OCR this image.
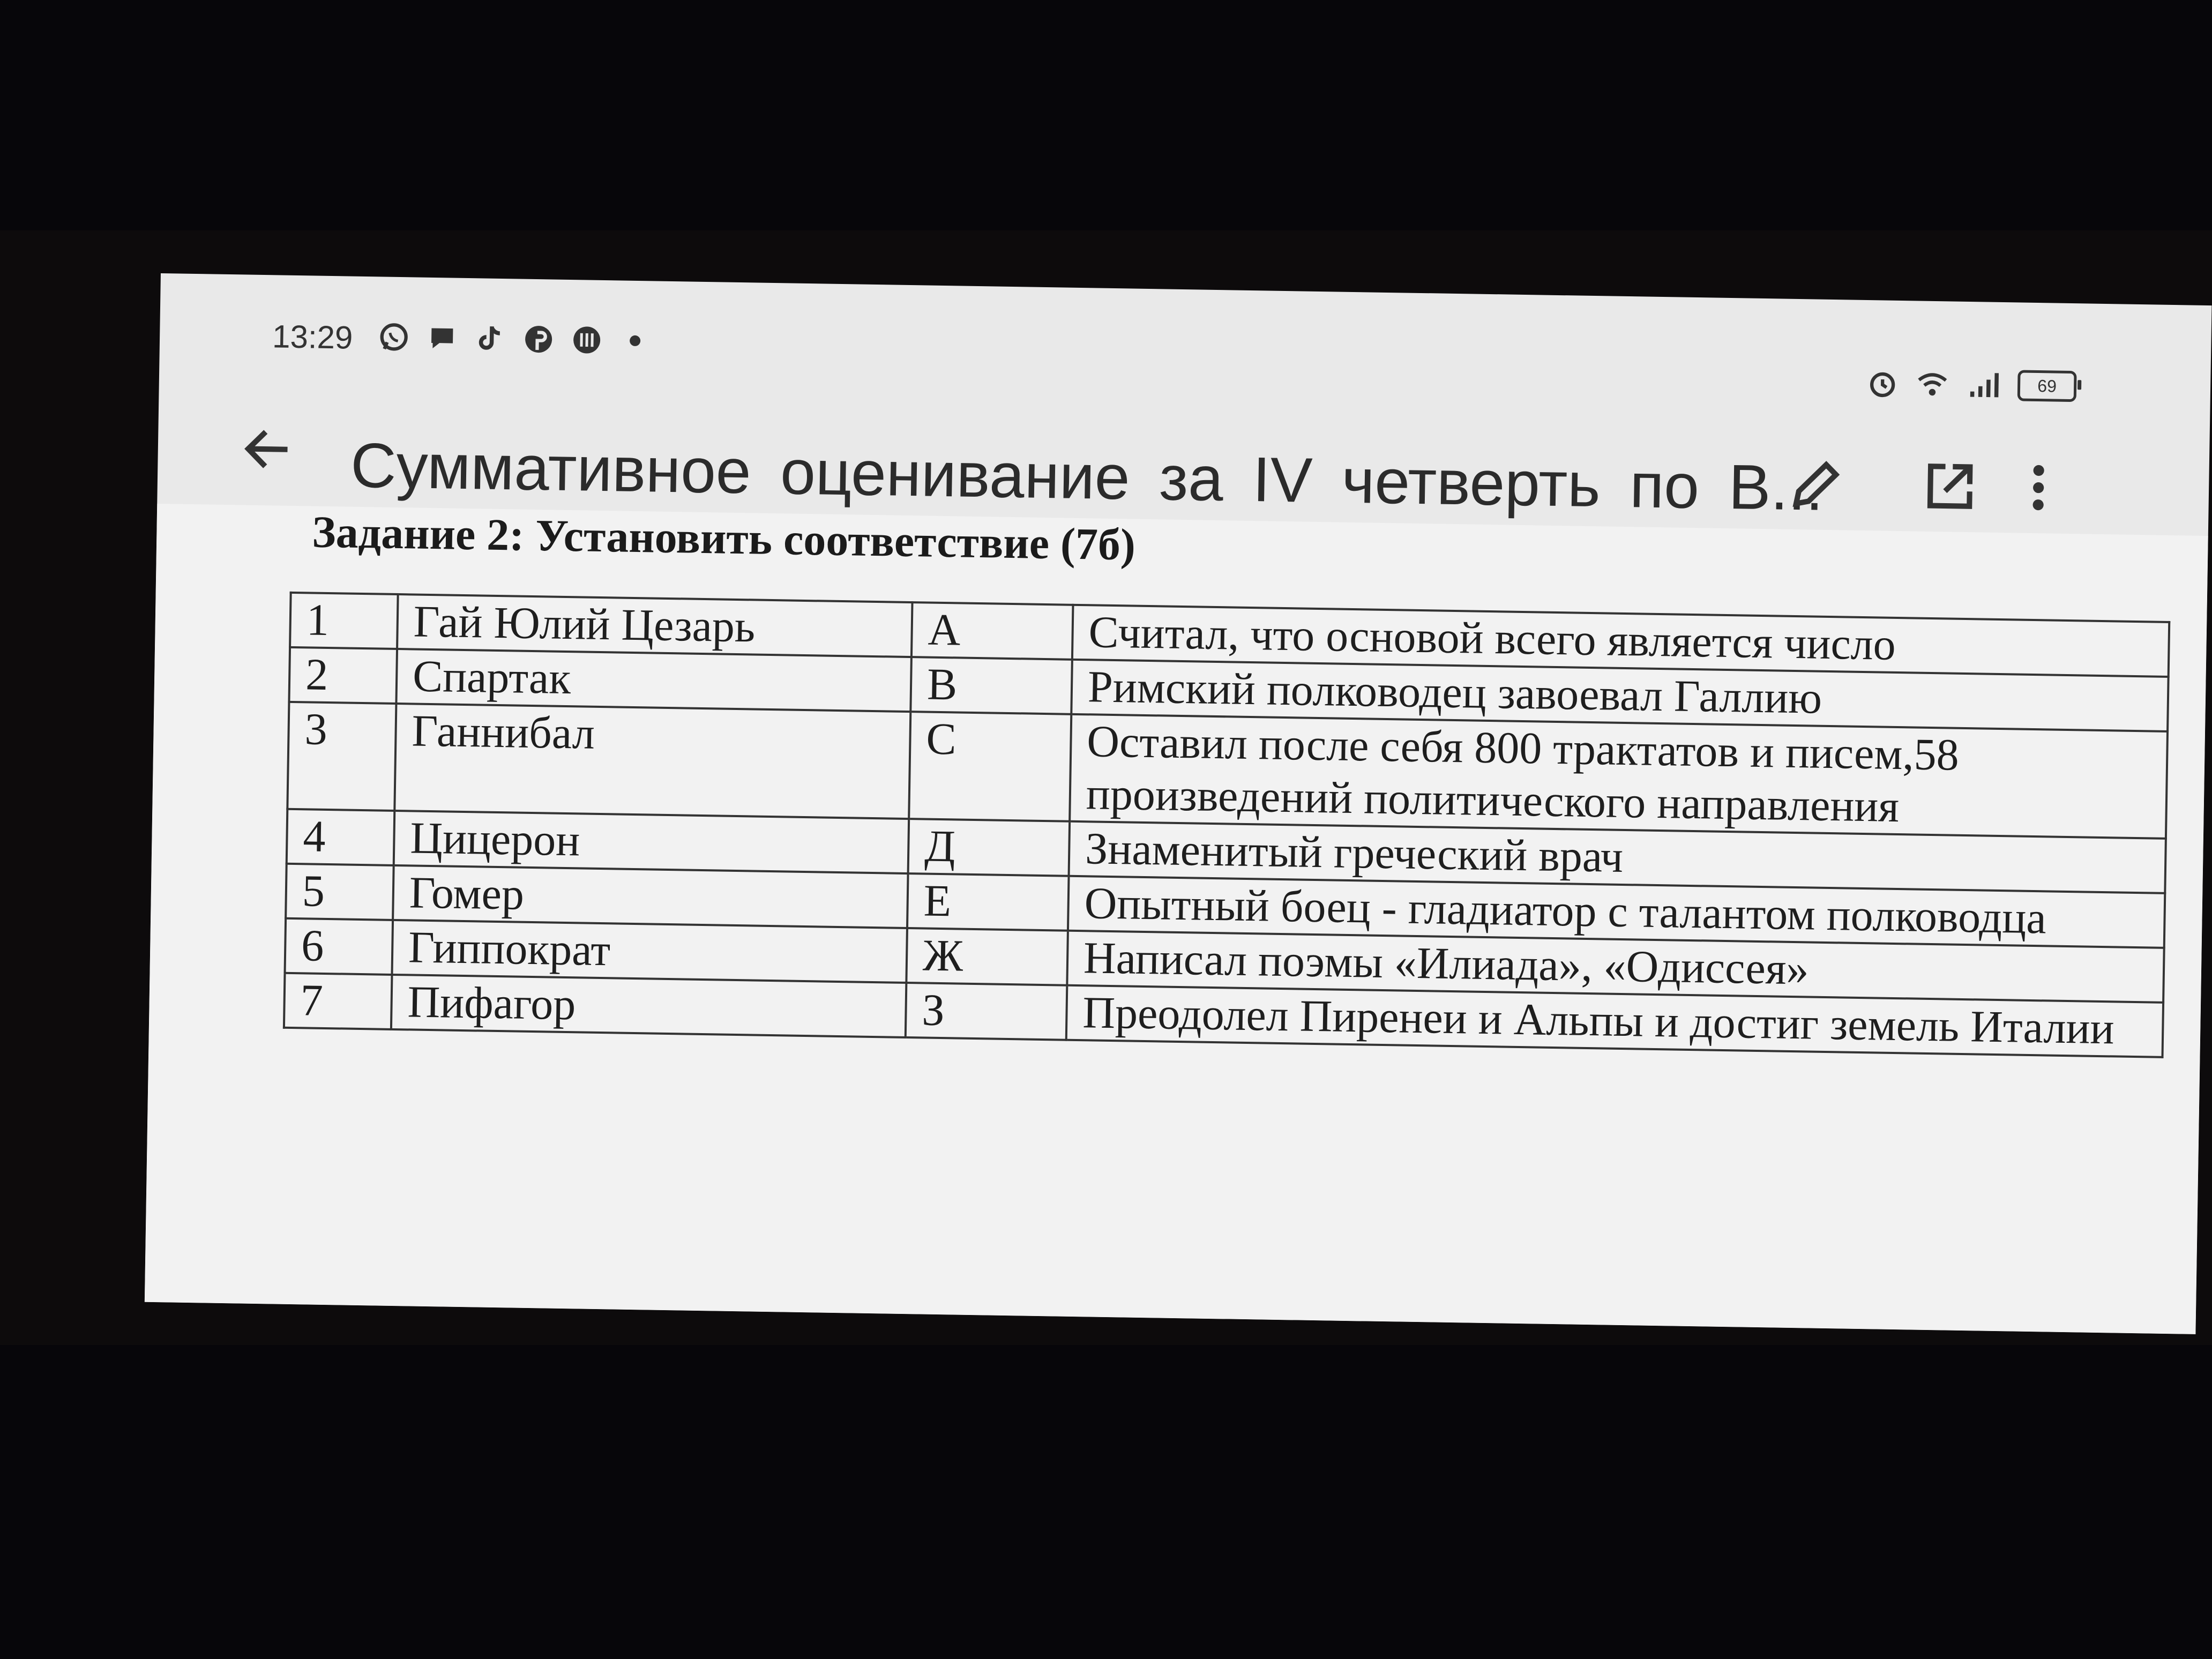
13:29
69
Суммативное оценивание за IV четверть по В...
Задание 2: Установить соответствие (7б)
1	Гай Юлий Цезарь	А	Считал, что основой всего является число
2	Спартак	В	Римский полководец завоевал Галлию
3	Ганнибал	С	Оставил после себя 800 трактатов и писем,58 произведений политического направления
4	Цицерон	Д	Знаменитый греческий врач
5	Гомер	Е	Опытный боец - гладиатор с талантом полководца
6	Гиппократ	Ж	Написал поэмы «Илиада», «Одиссея»
7	Пифагор	З	Преодолел Пиренеи и Альпы и достиг земель Италии
